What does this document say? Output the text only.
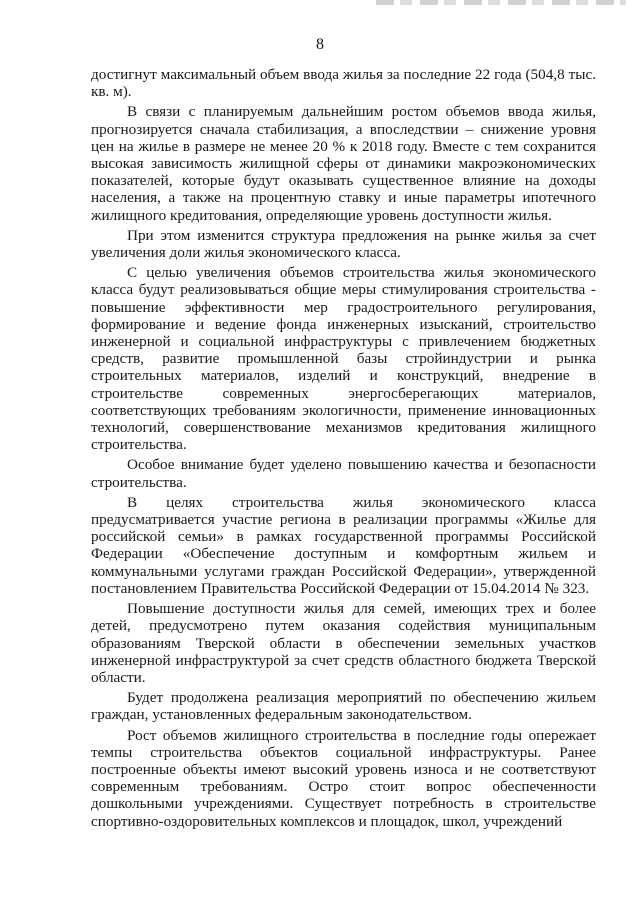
8

достигнут максимальный объем ввода жилья за последние 22 года (504,8 тыс. кв. м).

В связи с планируемым дальнейшим ростом объемов ввода жилья, прогнозируется сначала стабилизация, а впоследствии – снижение уровня цен на жилье в размере не менее 20 % к 2018 году. Вместе с тем сохранится высокая зависимость жилищной сферы от динамики макроэкономических показателей, которые будут оказывать существенное влияние на доходы населения, а также на процентную ставку и иные параметры ипотечного жилищного кредитования, определяющие уровень доступности жилья.

При этом изменится структура предложения на рынке жилья за счет увеличения доли жилья экономического класса.

С целью увеличения объемов строительства жилья экономического класса будут реализовываться общие меры стимулирования строительства - повышение эффективности мер градостроительного регулирования, формирование и ведение фонда инженерных изысканий, строительство инженерной и социальной инфраструктуры с привлечением бюджетных средств, развитие промышленной базы стройиндустрии и рынка строительных материалов, изделий и конструкций, внедрение в строительстве современных энергосберегающих материалов, соответствующих требованиям экологичности, применение инновационных технологий, совершенствование механизмов кредитования жилищного строительства.

Особое внимание будет уделено повышению качества и безопасности строительства.

В целях строительства жилья экономического класса предусматривается участие региона в реализации программы «Жилье для российской семьи» в рамках государственной программы Российской Федерации «Обеспечение доступным и комфортным жильем и коммунальными услугами граждан Российской Федерации», утвержденной постановлением Правительства Российской Федерации от 15.04.2014 № 323.

Повышение доступности жилья для семей, имеющих трех и более детей, предусмотрено путем оказания содействия муниципальным образованиям Тверской области в обеспечении земельных участков инженерной инфраструктурой за счет средств областного бюджета Тверской области.

Будет продолжена реализация мероприятий по обеспечению жильем граждан, установленных федеральным законодательством.

Рост объемов жилищного строительства в последние годы опережает темпы строительства объектов социальной инфраструктуры. Ранее построенные объекты имеют высокий уровень износа и не соответствуют современным требованиям. Остро стоит вопрос обеспеченности дошкольными учреждениями. Существует потребность в строительстве спортивно-оздоровительных комплексов и площадок, школ, учреждений
